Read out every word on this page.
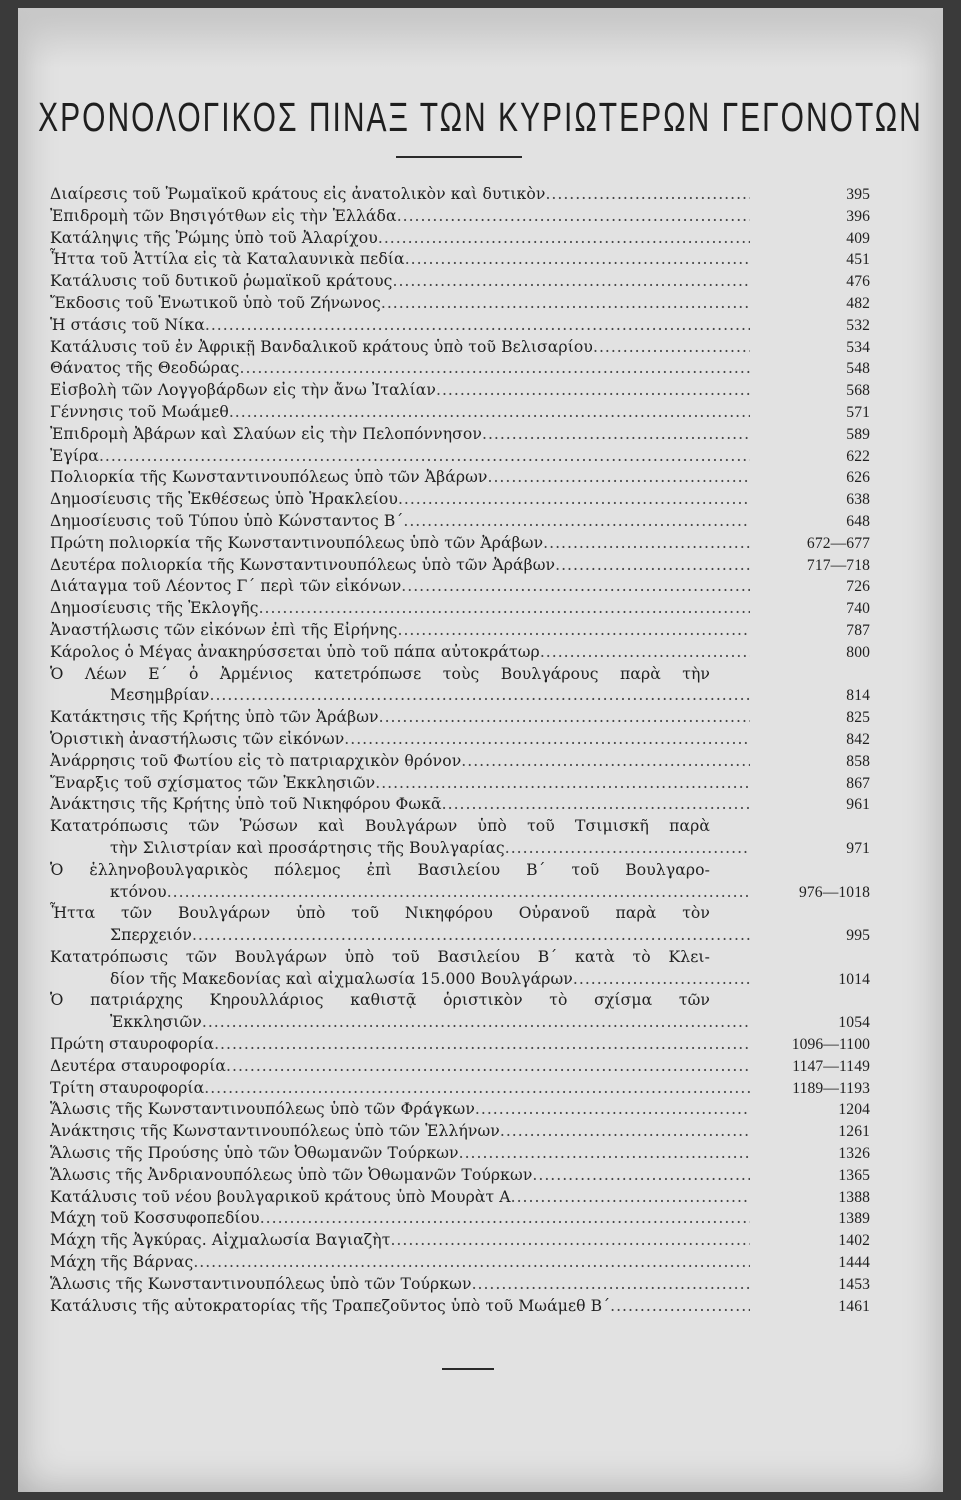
ΧΡΟΝΟΛΟΓΙΚΟΣ ΠΙΝΑΞ ΤΩΝ ΚΥΡΙΩΤΕΡΩΝ ΓΕΓΟΝΟΤΩΝ
Διαίρεσις τοῦ Ῥωμαϊκοῦ κράτους εἰς ἀνατολικὸν καὶ δυτικὸν .....	395
Ἐπιδρομὴ τῶν Βησιγότθων εἰς τὴν Ἑλλάδα .....	396
Κατάληψις τῆς Ῥώμης ὑπὸ τοῦ Ἀλαρίχου .....	409
Ἧττα τοῦ Ἀττίλα εἰς τὰ Καταλαυνικὰ πεδία .....	451
Κατάλυσις τοῦ δυτικοῦ ῥωμαϊκοῦ κράτους .....	476
Ἔκδοσις τοῦ Ἑνωτικοῦ ὑπὸ τοῦ Ζήνωνος .....	482
Ἡ στάσις τοῦ Νίκα .....	532
Κατάλυσις τοῦ ἐν Ἀφρικῇ Βανδαλικοῦ κράτους ὑπὸ τοῦ Βελισαρίου .....	534
Θάνατος τῆς Θεοδώρας .....	548
Εἰσβολὴ τῶν Λογγοβάρδων εἰς τὴν ἄνω Ἰταλίαν .....	568
Γέννησις τοῦ Μωάμεθ .....	571
Ἐπιδρομὴ Ἀβάρων καὶ Σλαύων εἰς τὴν Πελοπόννησον .....	589
Ἐγίρα .....	622
Πολιορκία τῆς Κωνσταντινουπόλεως ὑπὸ τῶν Ἀβάρων .....	626
Δημοσίευσις τῆς Ἐκθέσεως ὑπὸ Ἡρακλείου .....	638
Δημοσίευσις τοῦ Τύπου ὑπὸ Κώνσταντος Β΄ .....	648
Πρώτη πολιορκία τῆς Κωνσταντινουπόλεως ὑπὸ τῶν Ἀράβων .....	672—677
Δευτέρα πολιορκία τῆς Κωνσταντινουπόλεως ὑπὸ τῶν Ἀράβων .....	717—718
Διάταγμα τοῦ Λέοντος Γ΄ περὶ τῶν εἰκόνων .....	726
Δημοσίευσις τῆς Ἐκλογῆς .....	740
Ἀναστήλωσις τῶν εἰκόνων ἐπὶ τῆς Εἰρήνης .....	787
Κάρολος ὁ Μέγας ἀνακηρύσσεται ὑπὸ τοῦ πάπα αὐτοκράτωρ .....	800
Ὁ Λέων Ε΄ ὁ Ἀρμένιος κατετρόπωσε τοὺς Βουλγάρους παρὰ τὴν
Μεσημβρίαν .....	814
Κατάκτησις τῆς Κρήτης ὑπὸ τῶν Ἀράβων .....	825
Ὁριστικὴ ἀναστήλωσις τῶν εἰκόνων .....	842
Ἀνάρρησις τοῦ Φωτίου εἰς τὸ πατριαρχικὸν θρόνον .....	858
Ἔναρξις τοῦ σχίσματος τῶν Ἐκκλησιῶν .....	867
Ἀνάκτησις τῆς Κρήτης ὑπὸ τοῦ Νικηφόρου Φωκᾶ .....	961
Κατατρόπωσις τῶν Ῥώσων καὶ Βουλγάρων ὑπὸ τοῦ Τσιμισκῆ παρὰ
τὴν Σιλιστρίαν καὶ προσάρτησις τῆς Βουλγαρίας .....	971
Ὁ ἑλληνοβουλγαρικὸς πόλεμος ἐπὶ Βασιλείου Β΄ τοῦ Βουλγαρο-
κτόνου .....	976—1018
Ἧττα τῶν Βουλγάρων ὑπὸ τοῦ Νικηφόρου Οὐρανοῦ παρὰ τὸν
Σπερχειόν .....	995
Κατατρόπωσις τῶν Βουλγάρων ὑπὸ τοῦ Βασιλείου Β΄ κατὰ τὸ Κλει-
δίον τῆς Μακεδονίας καὶ αἰχμαλωσία 15.000 Βουλγάρων .....	1014
Ὁ πατριάρχης Κηρουλλάριος καθιστᾷ ὁριστικὸν τὸ σχίσμα τῶν
Ἐκκλησιῶν .....	1054
Πρώτη σταυροφορία .....	1096—1100
Δευτέρα σταυροφορία .....	1147—1149
Τρίτη σταυροφορία .....	1189—1193
Ἅλωσις τῆς Κωνσταντινουπόλεως ὑπὸ τῶν Φράγκων .....	1204
Ἀνάκτησις τῆς Κωνσταντινουπόλεως ὑπὸ τῶν Ἑλλήνων .....	1261
Ἅλωσις τῆς Προύσης ὑπὸ τῶν Ὀθωμανῶν Τούρκων .....	1326
Ἅλωσις τῆς Ἀνδριανουπόλεως ὑπὸ τῶν Ὀθωμανῶν Τούρκων .....	1365
Κατάλυσις τοῦ νέου βουλγαρικοῦ κράτους ὑπὸ Μουρὰτ Α .....	1388
Μάχη τοῦ Κοσσυφοπεδίου .....	1389
Μάχη τῆς Ἀγκύρας. Αἰχμαλωσία Βαγιαζὴτ .....	1402
Μάχη τῆς Βάρνας .....	1444
Ἅλωσις τῆς Κωνσταντινουπόλεως ὑπὸ τῶν Τούρκων .....	1453
Κατάλυσις τῆς αὐτοκρατορίας τῆς Τραπεζοῦντος ὑπὸ τοῦ Μωάμεθ Β΄ .....	1461
